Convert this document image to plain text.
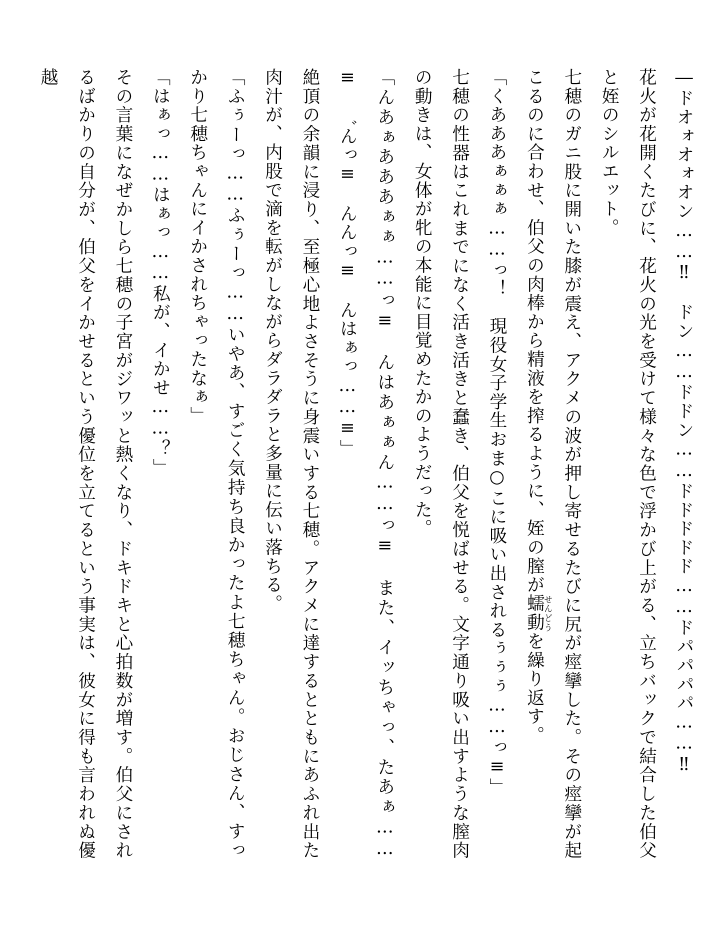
―ドオォオォオン……‼　ドン……ドドン……ドドドドド……ドパパパパ……‼

花火が花開くたびに、花火の光を受けて様々な色で浮かび上がる、立ちバックで結合した伯父と姪のシルエット。

七穂のガニ股に開いた膝が震え、アクメの波が押し寄せるたびに尻が痙攣した。その痙攣が起こるのに合わせ、伯父の肉棒から精液を搾るように、姪の膣が蠕動 せんどうを繰り返す。

「くあああぁぁぁ……っ！　現役女子学生おま○こに吸い出されるぅぅぅ……っ≡」

七穂の性器はこれまでになく活き活きと蠢き、伯父を悦ばせる。文字通り吸い出すような膣肉の動きは、女体が牝の本能に目覚めたかのようだった。

「んあぁあああぁぁ……っ≡　んはあぁぁん……っ≡　また、イッちゃっ、たあぁ……≡　゛んっ≡　んんっ≡　んはぁっ……≡」

絶頂の余韻に浸り、至極心地よさそうに身震いする七穂。アクメに達するとともにあふれ出た肉汁が、内股で滴を転がしながらダラダラと多量に伝い落ちる。

「ふぅーっ……ふぅーっ……いやあ、すごく気持ち良かったよ七穂ちゃん。おじさん、すっかり七穂ちゃんにイかされちゃったなぁ」

「はぁっ……はぁっ……私が、イかせ……？」

その言葉になぜかしら七穂の子宮がジワッと熱くなり、ドキドキと心拍数が増す。伯父にされるばかりの自分が、伯父をイかせるという優位を立てるという事実は、彼女に得も言われぬ優越
